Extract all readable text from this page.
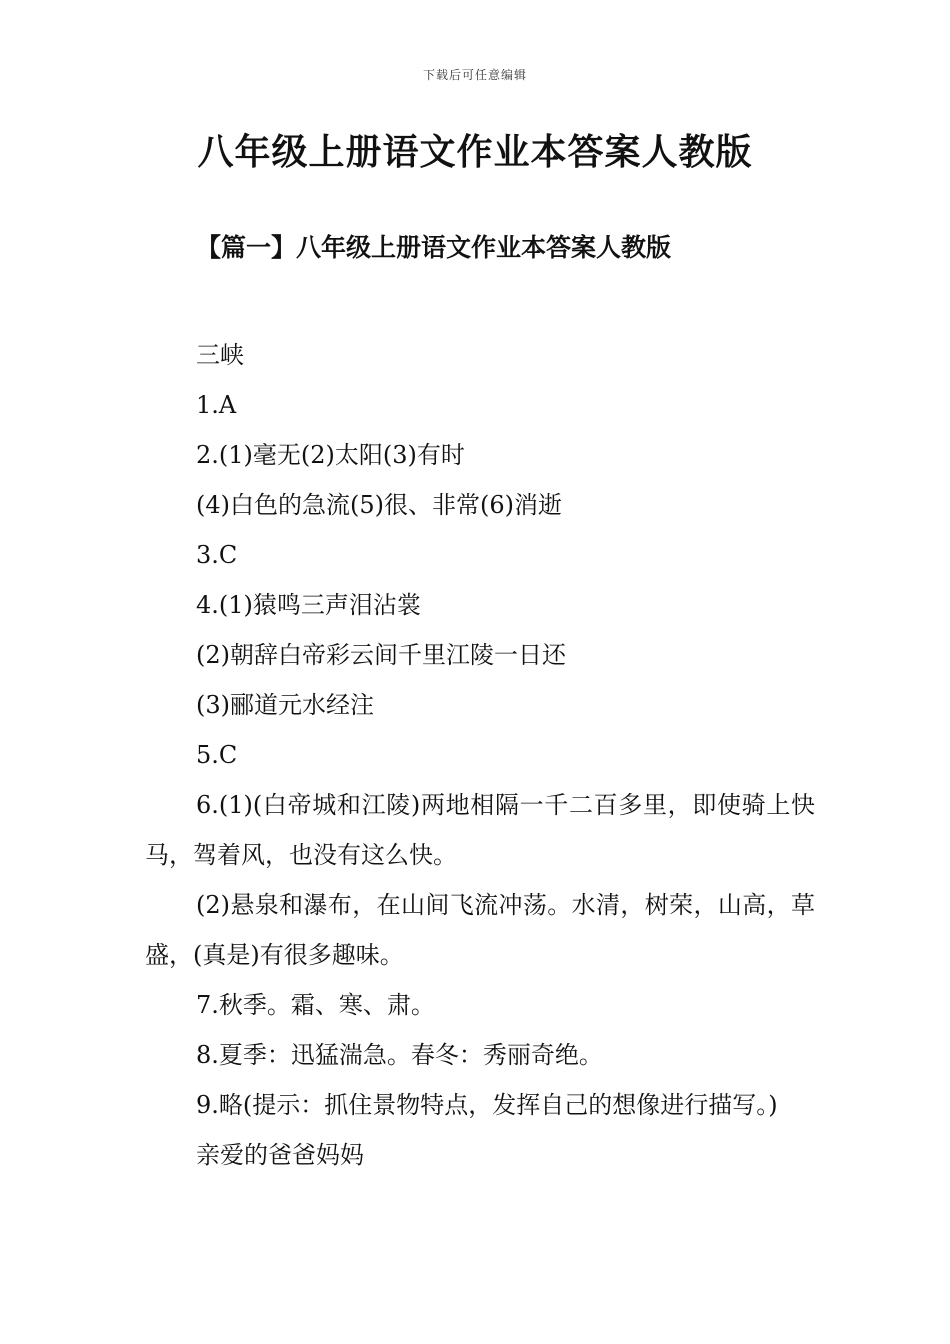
下载后可任意编辑
八年级上册语文作业本答案人教版
【篇一】八年级上册语文作业本答案人教版

三峡

1.A

2.(1)毫无(2)太阳(3)有时

(4)白色的急流(5)很、非常(6)消逝

3.C

4.(1)猿鸣三声泪沾裳

(2)朝辞白帝彩云间千里江陵一日还

(3)郦道元水经注

5.C

6.(1)(白帝城和江陵)两地相隔一千二百多里，即使骑上快马，驾着风，也没有这么快。

(2)悬泉和瀑布，在山间飞流冲荡。水清，树荣，山高，草盛，(真是)有很多趣味。

7.秋季。霜、寒、肃。

8.夏季：迅猛湍急。春冬：秀丽奇绝。

9.略(提示：抓住景物特点，发挥自己的想像进行描写。)

亲爱的爸爸妈妈
